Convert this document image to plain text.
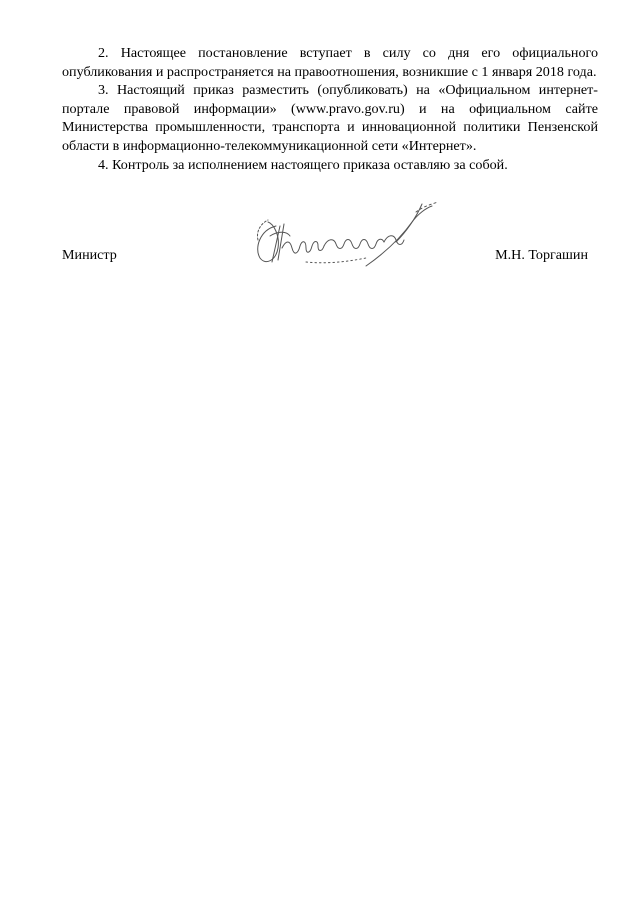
2. Настоящее постановление вступает в силу со дня его официального опубликования и распространяется на правоотношения, возникшие с 1 января 2018 года.

3. Настоящий приказ разместить (опубликовать) на «Официальном интернет-портале правовой информации» (www.pravo.gov.ru) и на официальном сайте Министерства промышленности, транспорта и инновационной политики Пензенской области в информационно-телекоммуникационной сети «Интернет».

4. Контроль за исполнением настоящего приказа оставляю за собой.

Министр	М.Н. Торгашин
